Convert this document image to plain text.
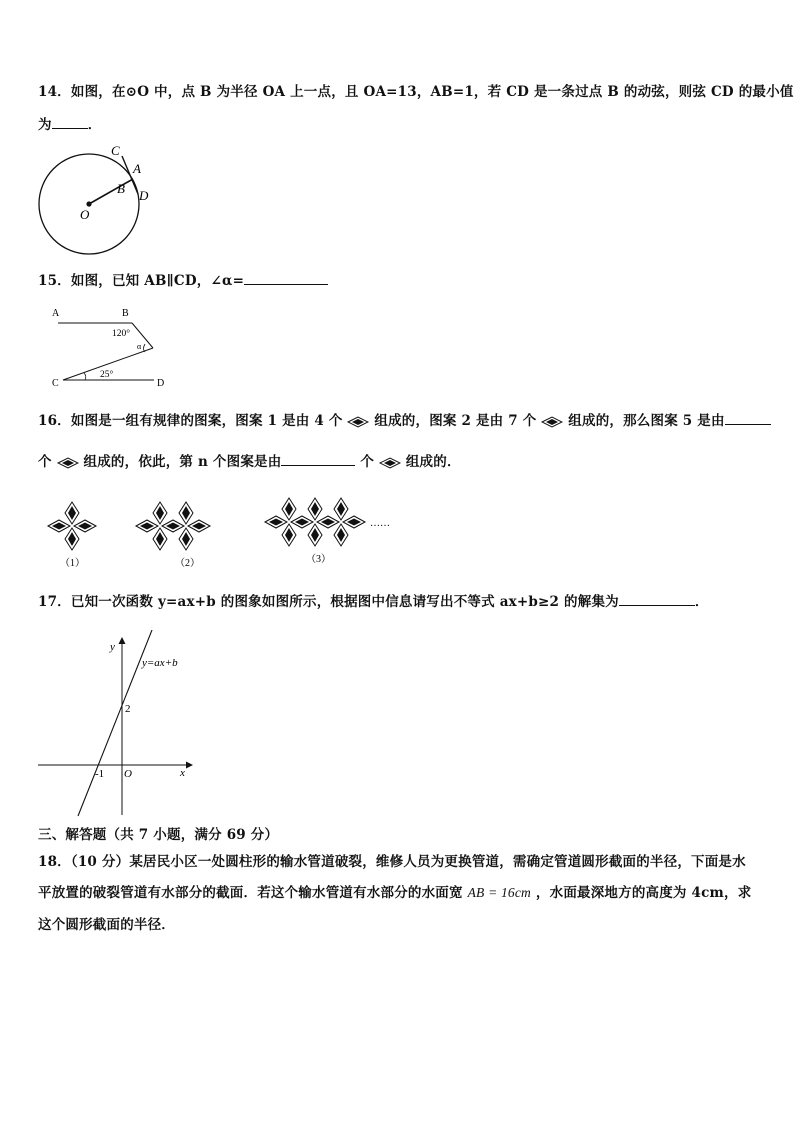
14．如图，在⊙O 中，点 B 为半径 OA 上一点，且 OA=13，AB=1，若 CD 是一条过点 B 的动弦，则弦 CD 的最小值
为	．
C
A
B D
O
15．如图，已知 AB∥CD，∠α=
A	B
C	D
120°
α
25°
16．如图是一组有规律的图案，图案 1 是由 4 个 组成的，图案 2 是由 7 个 组成的，那么图案 5 是由
个 组成的，依此，第 n 个图案是由	个 组成的．
（1）	（2）	（3）
……
17．已知一次函数 y=ax+b 的图象如图所示，根据图中信息请写出不等式 ax+b≥2 的解集为	．
y
x
O
-1
2
y=ax+b
三、解答题（共 7 小题，满分 69 分）
18．（10 分）某居民小区一处圆柱形的输水管道破裂，维修人员为更换管道，需确定管道圆形截面的半径，下面是水
平放置的破裂管道有水部分的截面．若这个输水管道有水部分的水面宽 AB = 16cm ，水面最深地方的高度为 4cm，求
这个圆形截面的半径．
